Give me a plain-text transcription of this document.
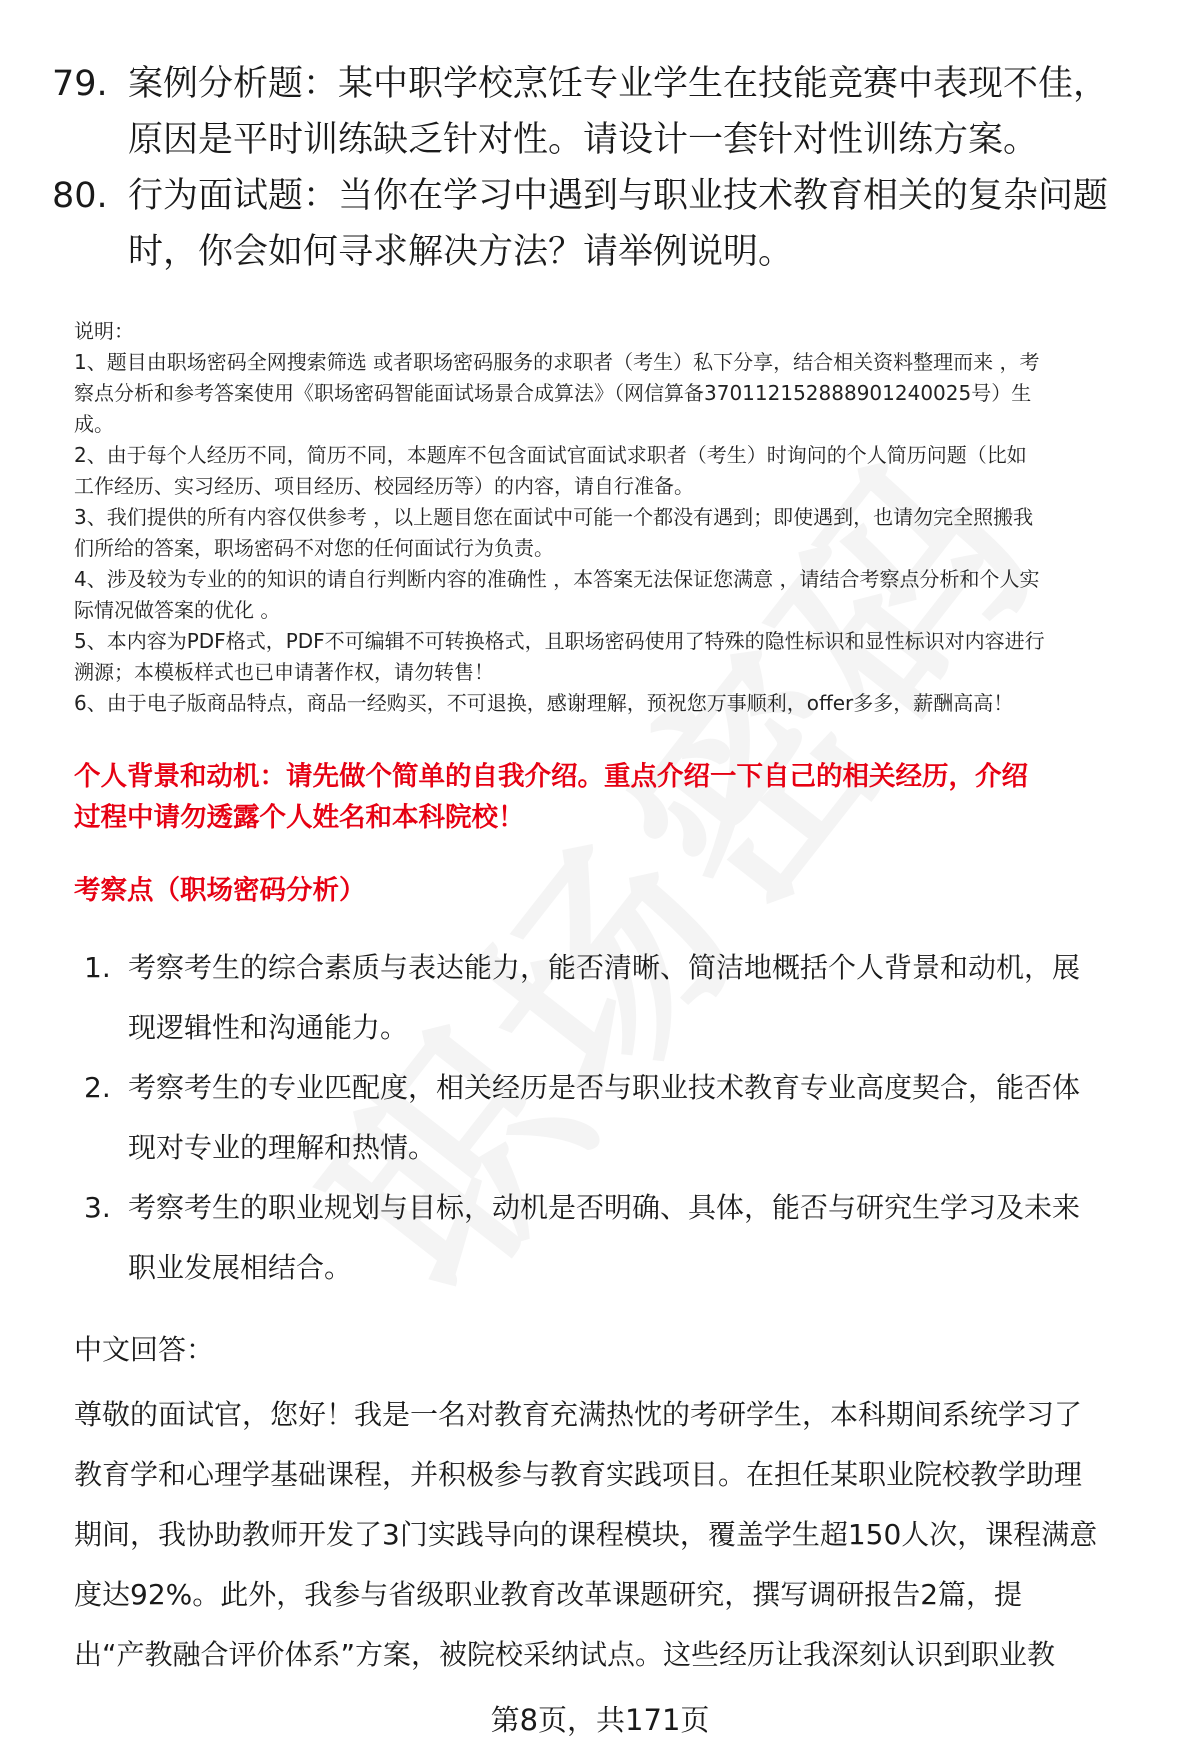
79. 案例分析题：某中职学校烹饪专业学生在技能竞赛中表现不佳，
原因是平时训练缺乏针对性。请设计一套针对性训练方案。
80. 行为面试题：当你在学习中遇到与职业技术教育相关的复杂问题
时，你会如何寻求解决方法？请举例说明。

说明：

1、题目由职场密码全网搜索筛选 或者职场密码服务的求职者（考生）私下分享，结合相关资料整理而来 ，考

察点分析和参考答案使用《职场密码智能面试场景合成算法》（网信算备370112152888901240025号）生

成。

2、由于每个人经历不同，简历不同，本题库不包含面试官面试求职者（考生）时询问的个人简历问题（比如

工作经历、实习经历、项目经历、校园经历等）的内容，请自行准备。

3、我们提供的所有内容仅供参考 ，以上题目您在面试中可能一个都没有遇到；即使遇到，也请勿完全照搬我

们所给的答案，职场密码不对您的任何面试行为负责。

4、涉及较为专业的的知识的请自行判断内容的准确性 ，本答案无法保证您满意 ，请结合考察点分析和个人实

际情况做答案的优化 。

5、本内容为PDF格式，PDF不可编辑不可转换格式，且职场密码使用了特殊的隐性标识和显性标识对内容进行

溯源；本模板样式也已申请著作权，请勿转售！

6、由于电子版商品特点，商品一经购买，不可退换，感谢理解，预祝您万事顺利，offer多多，薪酬高高！

个人背景和动机：请先做个简单的自我介绍。重点介绍一下自己的相关经历，介绍
过程中请勿透露个人姓名和本科院校！
考察点（职场密码分析）
1. 考察考生的综合素质与表达能力，能否清晰、简洁地概括个人背景和动机，展
现逻辑性和沟通能力。
2. 考察考生的专业匹配度，相关经历是否与职业技术教育专业高度契合，能否体
现对专业的理解和热情。
3. 考察考生的职业规划与目标，动机是否明确、具体，能否与研究生学习及未来
职业发展相结合。
中文回答：

尊敬的面试官，您好！我是一名对教育充满热忱的考研学生，本科期间系统学习了

教育学和心理学基础课程，并积极参与教育实践项目。在担任某职业院校教学助理

期间，我协助教师开发了3门实践导向的课程模块，覆盖学生超150人次，课程满意

度达92%。此外，我参与省级职业教育改革课题研究，撰写调研报告2篇，提

出“产教融合评价体系”方案，被院校采纳试点。这些经历让我深刻认识到职业教

第8页，共171页
